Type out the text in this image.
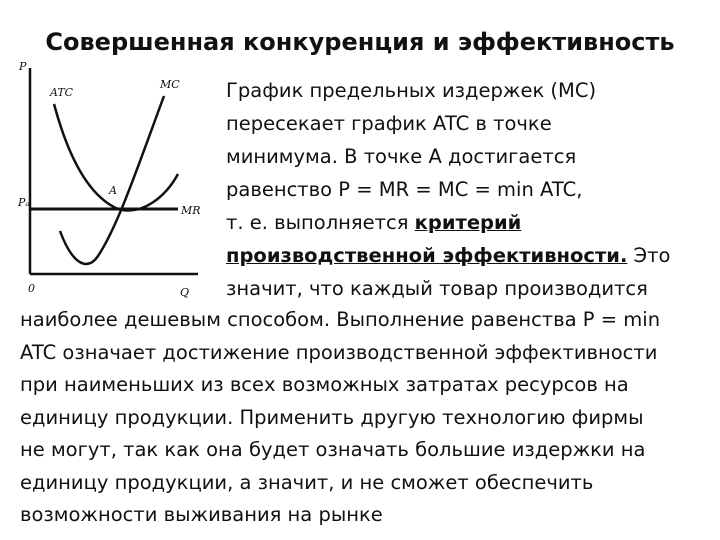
Совершенная конкуренция и эффективность
P
ATC
MC
A
Pₐ
MR
0	Q

График предельных издержек (MC)

пересекает график ATC в точке

минимума. В точке А достигается

равенство P = MR = MC = min ATC,

т. е. выполняется критерий

производственной эффективности. Это

значит, что каждый товар производится

наиболее дешевым способом. Выполнение равенства P = min
ATC означает достижение производственной эффективности
при наименьших из всех возможных затратах ресурсов на
единицу продукции. Применить другую технологию фирмы
не могут, так как она будет означать большие издержки на
единицу продукции, а значит, и не сможет обеспечить
возможности выживания на рынке
